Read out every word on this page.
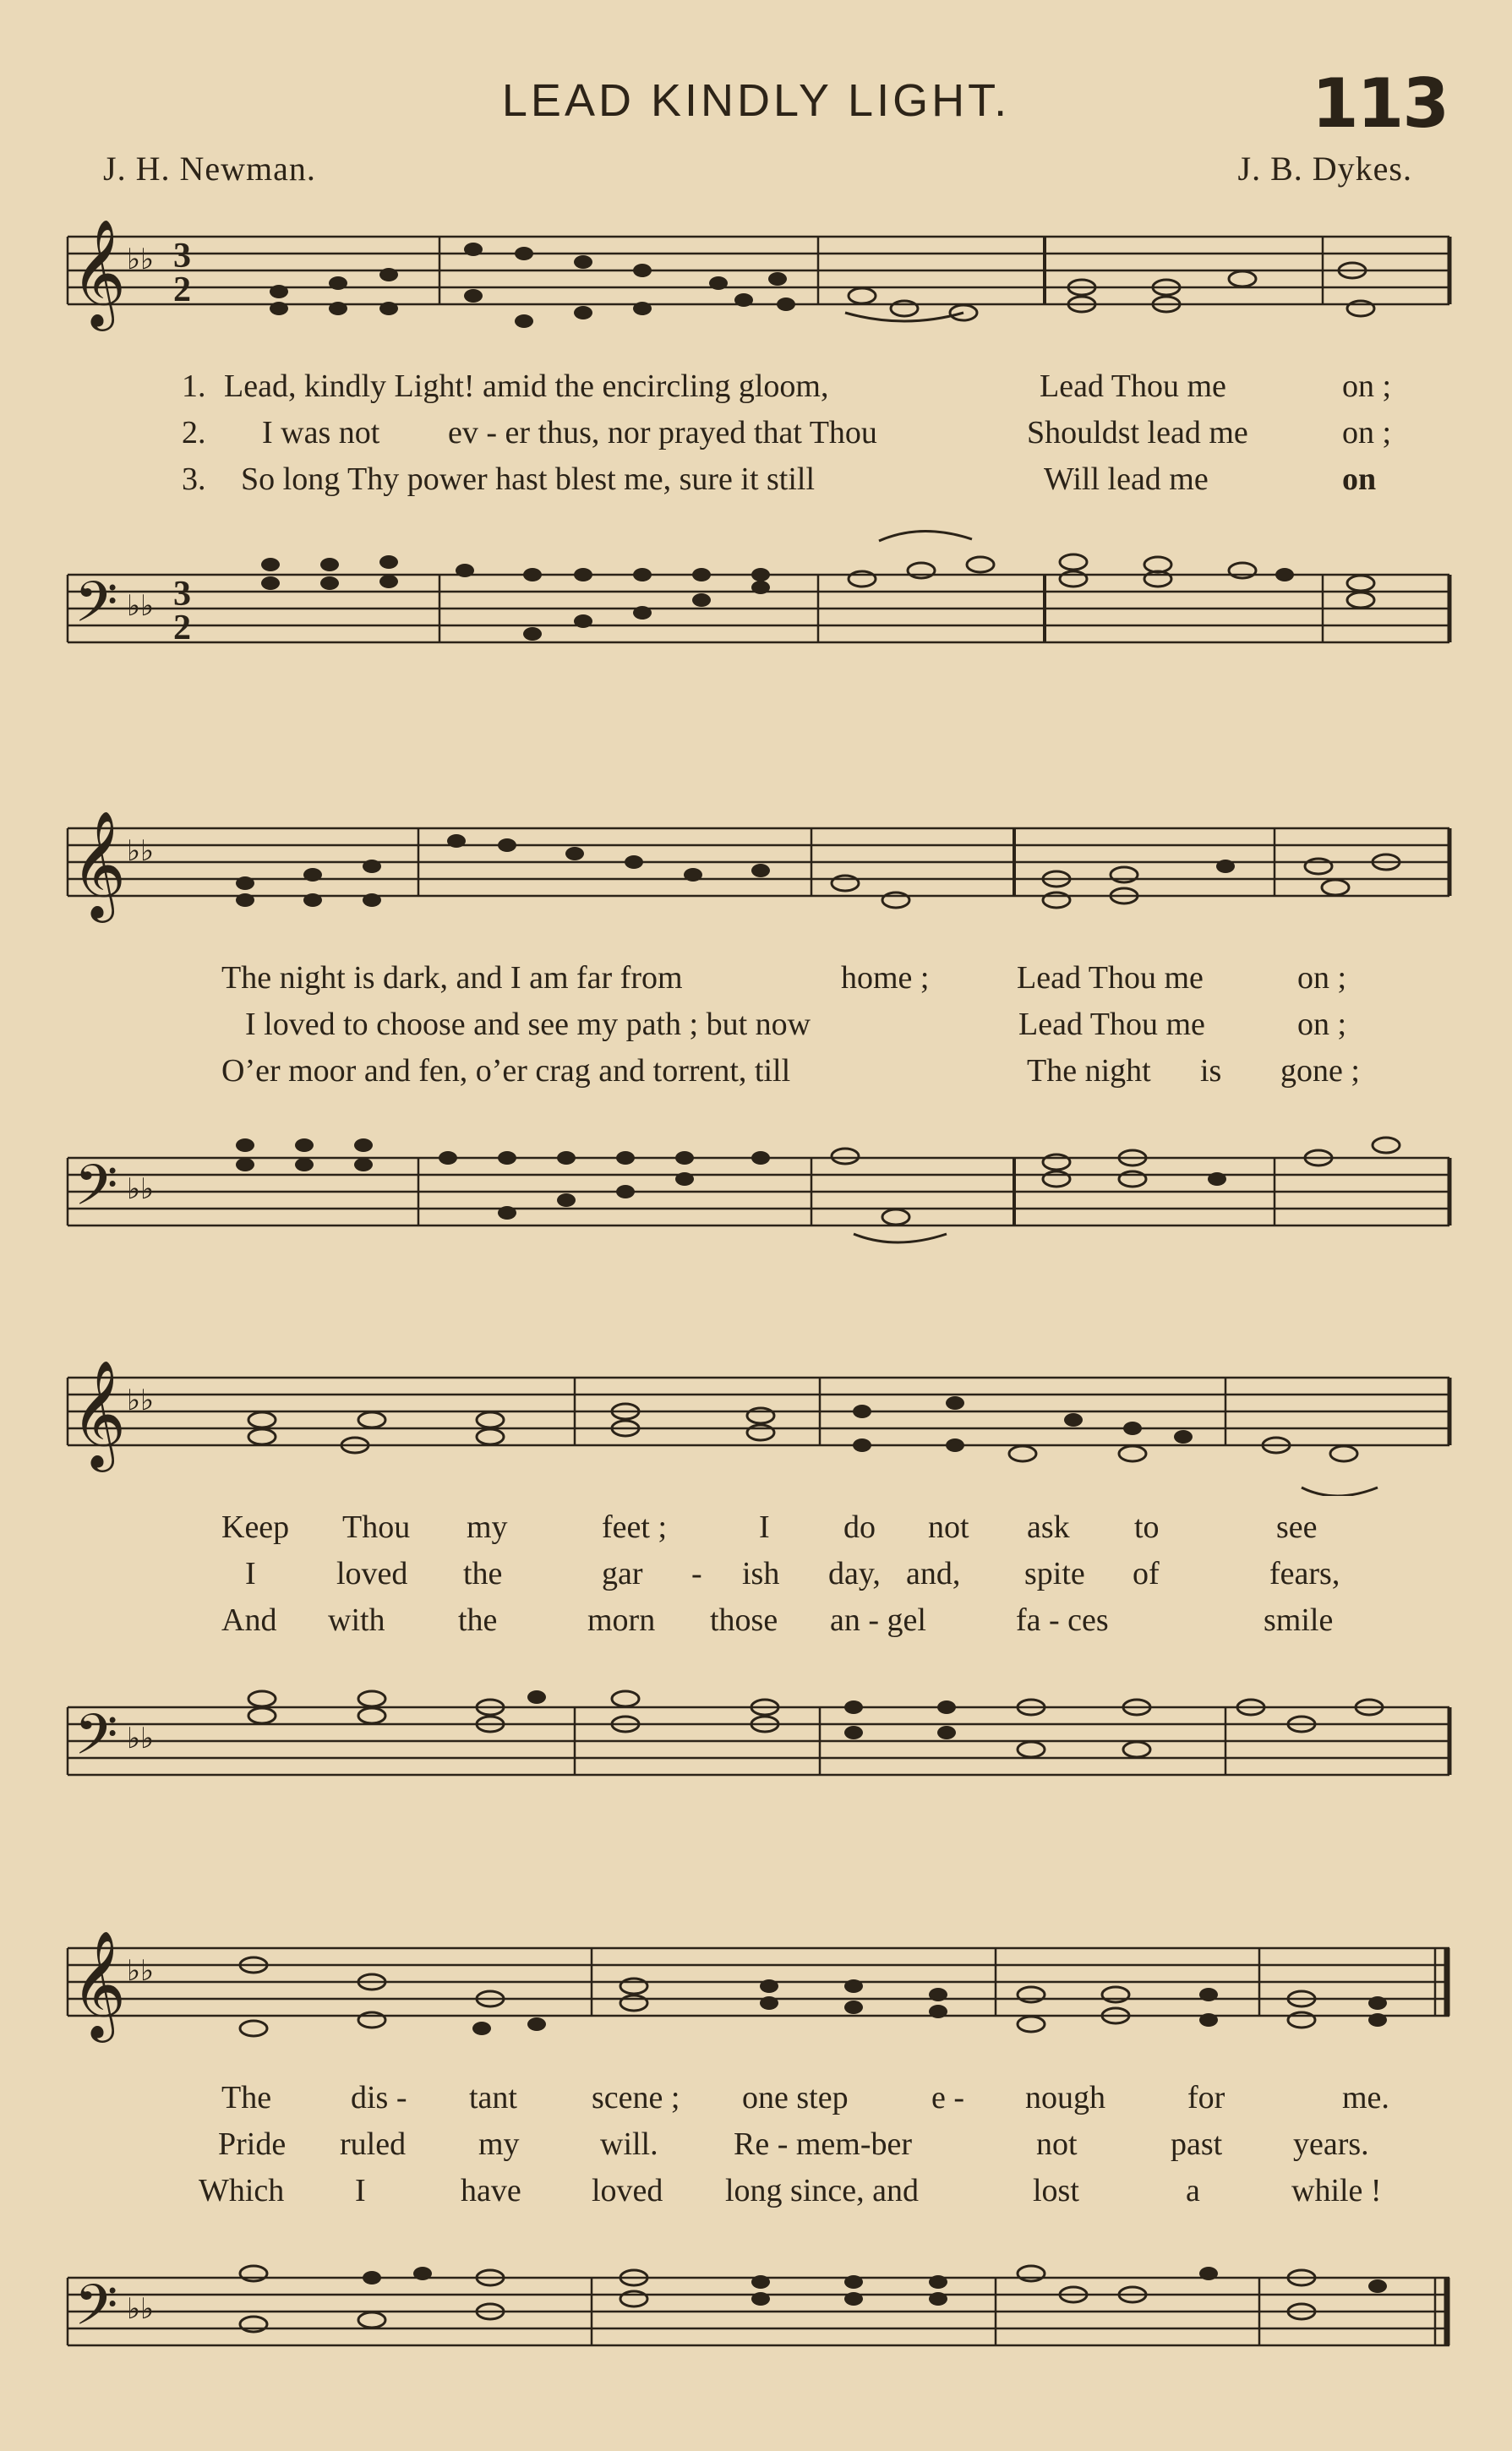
LEAD KINDLY LIGHT.	113
J. H. Newman.	J. B. Dykes.
𝄞 ♭♭ 3
2
1.
2.
3.
Lead, kindly Light! amid the encircling gloom,	Lead Thou me	on ;
I was not ev - er thus, nor prayed that Thou	Shouldst lead me	on ;
So long Thy power hast blest me, sure it still	Will lead me	on
𝄢 ♭♭ 3
2
𝄞 ♭♭
The night is dark, and I am far from	home ;	Lead Thou me	on ;
I loved to choose and see my path ; but now	Lead Thou me	on ;
O’er moor and fen, o’er crag and torrent, till	The night is gone ;
𝄢 ♭♭
𝄞 ♭♭
Keep Thou my	feet ;	I do not ask to	see
I	loved the	gar - ish day, and, spite of	fears,
And with the	morn those an - gel	fa - ces	smile
𝄢 ♭♭
𝄞 ♭♭
The dis - tant scene ; one step	e - nough	for	me.
Pride ruled my	will. Re - mem-ber	not	past years.
Which I	have loved long since, and	lost	a	while !
𝄢 ♭♭
